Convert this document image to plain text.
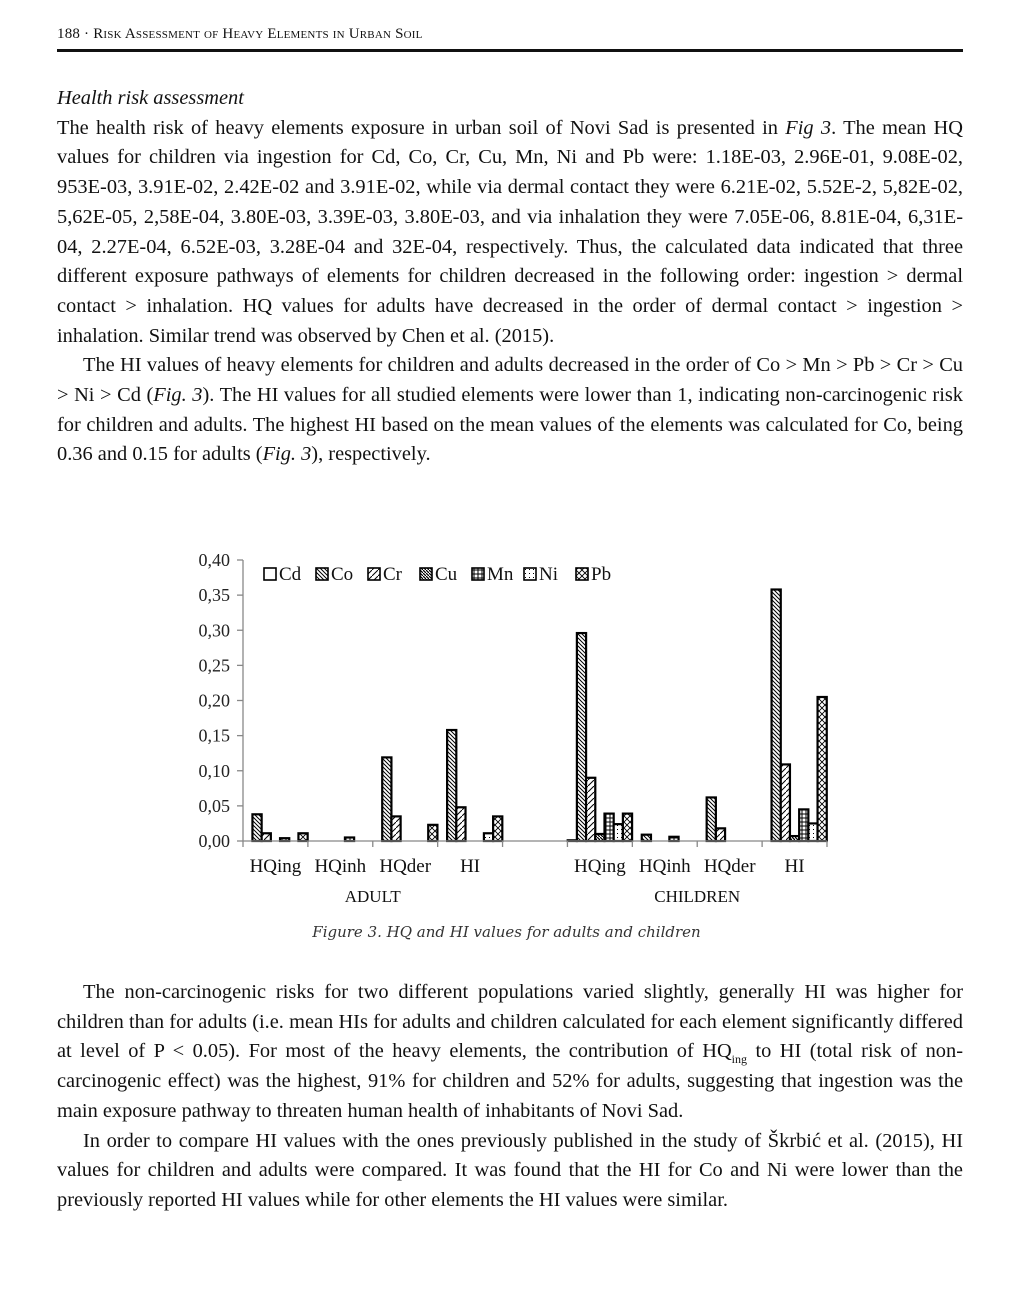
188 · Risk Assessment of Heavy Elements in Urban Soil

Health risk assessment

The health risk of heavy elements exposure in urban soil of Novi Sad is presented in Fig 3. The mean HQ values for children via ingestion for Cd, Co, Cr, Cu, Mn, Ni and Pb were: 1.18E-03, 2.96E-01, 9.08E-02, 953E-03, 3.91E-02, 2.42E-02 and 3.91E-02, while via dermal contact they were 6.21E-02, 5.52E-2, 5,82E-02, 5,62E-05, 2,58E-04, 3.80E-03, 3.39E-03, 3.80E-03, and via inhalation they were 7.05E-06, 8.81E-04, 6,31E-04, 2.27E-04, 6.52E-03, 3.28E-04 and 32E-04, respectively. Thus, the calculated data indicated that three different exposure pathways of elements for children decreased in the following order: ingestion > dermal contact > inhalation. HQ values for adults have decreased in the order of dermal contact > ingestion > inhalation. Similar trend was observed by Chen et al. (2015).

The HI values of heavy elements for children and adults decreased in the order of Co > Mn > Pb > Cr > Cu > Ni > Cd (Fig. 3). The HI values for all studied elements were lower than 1, indicating non-carcinogenic risk for children and adults. The highest HI based on the mean values of the elements was calculated for Co, being 0.36 and 0.15 for adults (Fig. 3), respectively.

0,00
0,05
0,10
0,15
0,20
0,25
0,30
0,35
0,40
HQing HQinh HQder HI	HQing HQinh HQder HI
ADULT	CHILDREN
Cd Co Cr Cu Mn Ni Pb
Figure 3. HQ and HI values for adults and children

The non-carcinogenic risks for two different populations varied slightly, generally HI was higher for children than for adults (i.e. mean HIs for adults and children calculated for each element significantly differed at level of P < 0.05). For most of the heavy elements, the contribution of $HQ_{ing}$ to HI (total risk of non-carcinogenic effect) was the highest, 91% for children and 52% for adults, suggesting that ingestion was the main exposure pathway to threaten human health of inhabitants of Novi Sad.

In order to compare HI values with the ones previously published in the study of Škrbić et al. (2015), HI values for children and adults were compared. It was found that the HI for Co and Ni were lower than the previously reported HI values while for other elements the HI values were similar.
